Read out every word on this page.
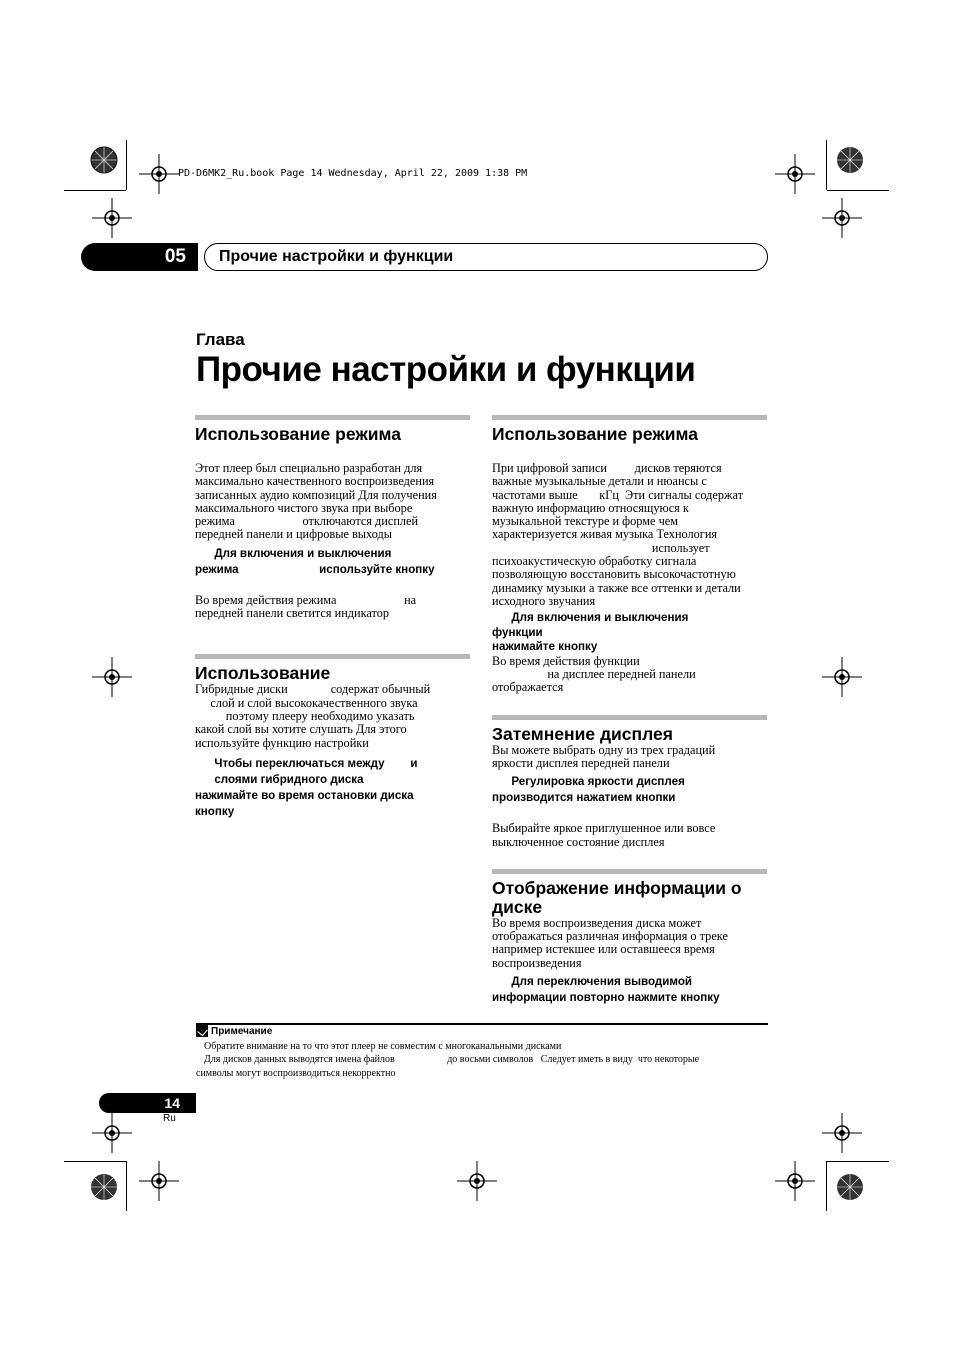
PD-D6MK2_Ru.book Page 14 Wednesday, April 22, 2009 1:38 PM
05	Прочие настройки и функции
Глава
Прочие настройки и функции
Использование режима

Этот плеер был специально разработан для

максимально качественного воспроизведения

записанных аудио композиций Для получения

максимального чистого звука при выборе

режима                      отключаются дисплей

передней панели и цифровые выходы

Для включения и выключения

режима                         используйте кнопку

Во время действия режима                      на

передней панели светится индикатор

Использование

Гибридные диски              содержат обычный

слой и слой высококачественного звука

поэтому плееру необходимо указать

какой слой вы хотите слушать Для этого

используйте функцию настройки

Чтобы переключаться между        и

слоями гибридного диска

нажимайте во время остановки диска

кнопку

Использование режима

При цифровой записи         дисков теряются

важные музыкальные детали и нюансы с

частотами выше       кГц  Эти сигналы содержат

важную информацию относящуюся к

музыкальной текстуре и форме чем

характеризуется живая музыка Технология

использует

психоакустическую обработку сигнала

позволяющую восстановить высокочастотную

динамику музыки а также все оттенки и детали

исходного звучания

Для включения и выключения

функции

нажимайте кнопку

Во время действия функции

на дисплее передней панели

отображается

Затемнение дисплея

Вы можете выбрать одну из трех градаций

яркости дисплея передней панели

Регулировка яркости дисплея

производится нажатием кнопки

Выбирайте яркое приглушенное или вовсе

выключенное состояние дисплея

Отображение информации о диске

Во время воспроизведения диска может

отображаться различная информация о треке

например истекшее или оставшееся время

воспроизведения

Для переключения выводимой

информации повторно нажмите кнопку

Примечание
Обратите внимание на то что этот плеер не совместим с многоканальными дисками
Для дисков данных выводятся имена файлов                     до восьми символов   Следует иметь в виду  что некоторые
символы могут воспроизводиться некорректно
14
Ru
